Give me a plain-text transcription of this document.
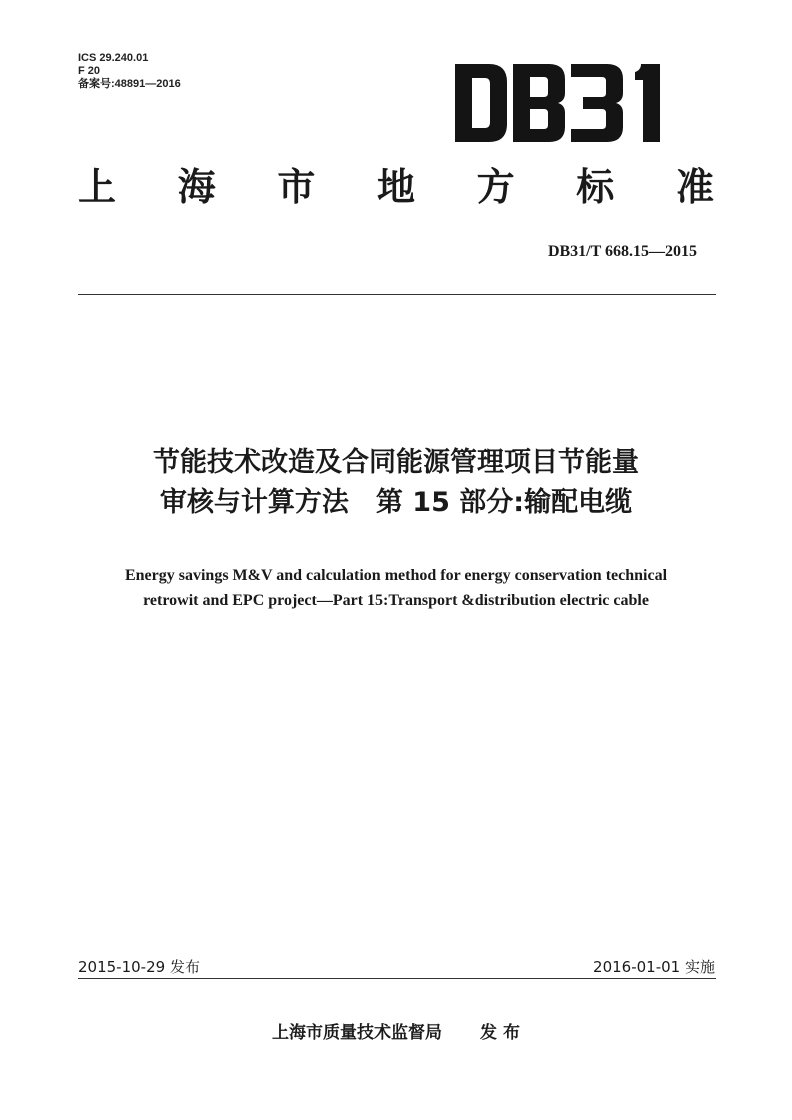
ICS 29.240.01
F 20
备案号:48891—2016
上 海 市 地 方 标 准
DB31/T 668.15—2015
节能技术改造及合同能源管理项目节能量
审核与计算方法　第 15 部分:输配电缆
Energy savings M&V and calculation method for energy conservation technical
retrowit and EPC project—Part 15:Transport &distribution electric cable
2015-10-29 发布	2016-01-01 实施
上海市质量技术监督局 发 布
